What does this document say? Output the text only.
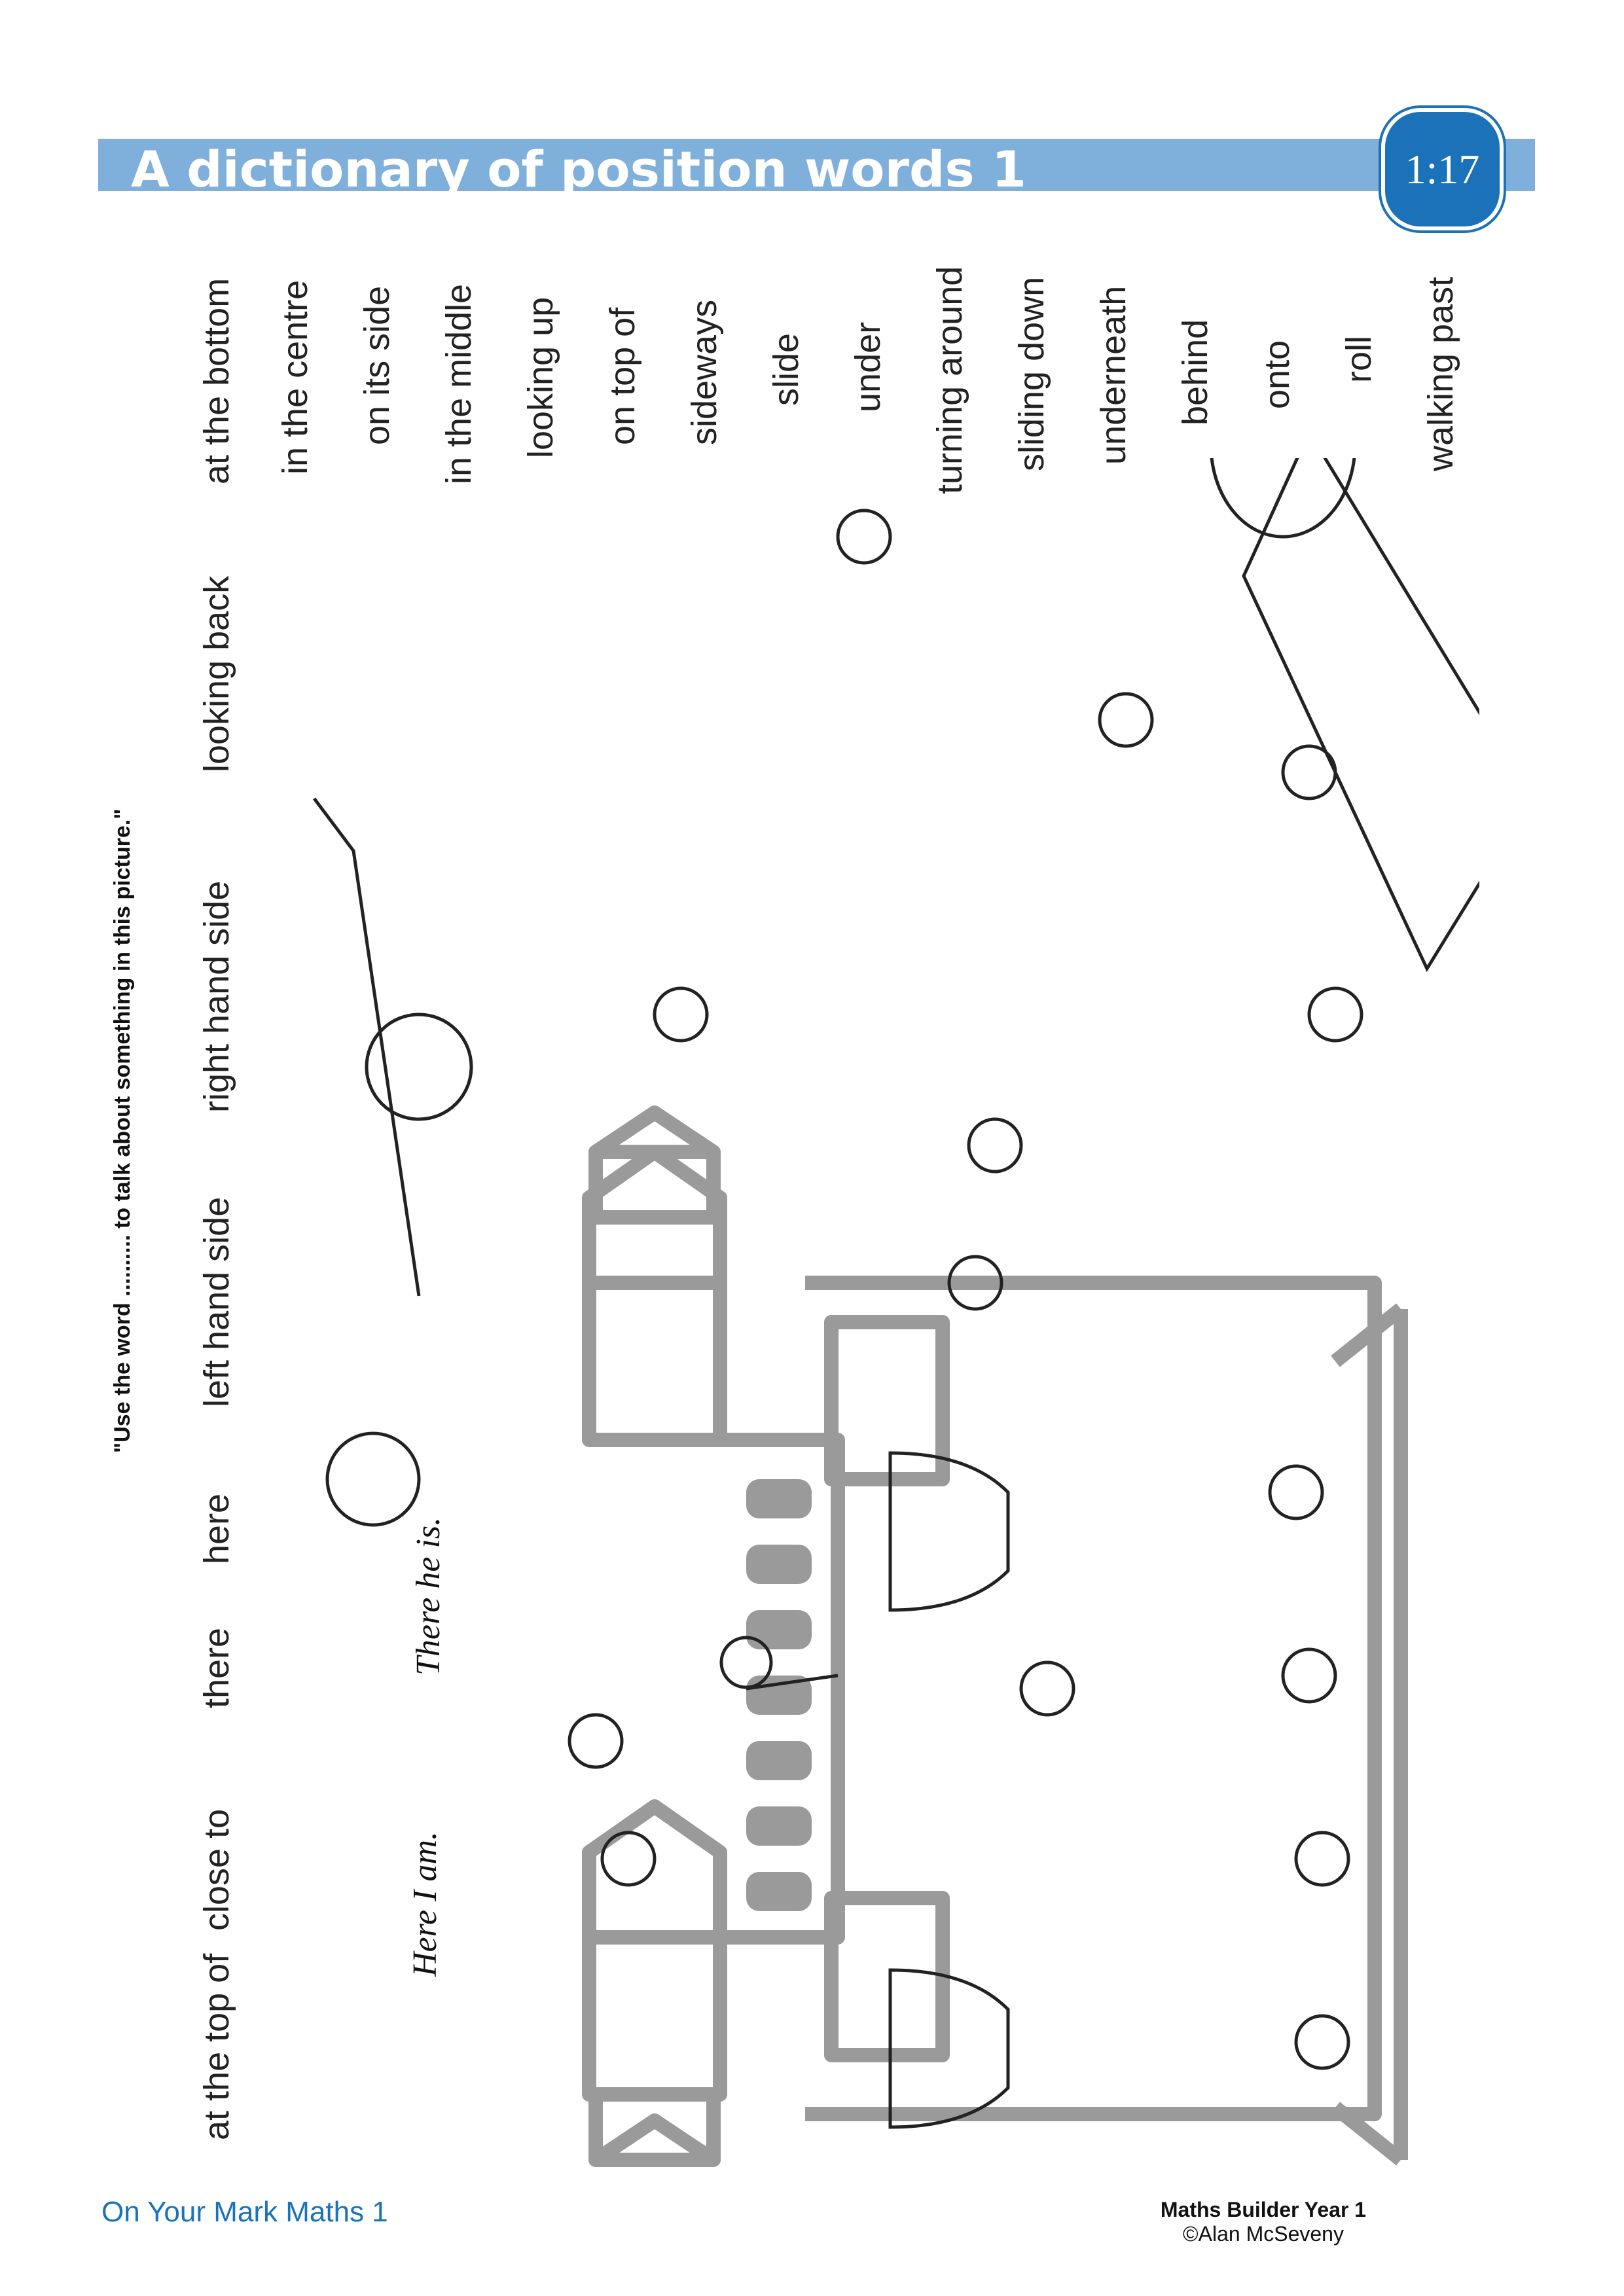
A dictionary of position words 1	1:17
"Use the word .......... to talk about something in this picture."
at the top of
close to
there
here
left hand side
right hand side
looking back
at the bottom in the centre on its side in the middle looking up on top of sideways slide under turning around sliding down underneath behind onto roll walking past
Here I am.
There he is.
On Your Mark Maths 1	Maths Builder Year 1
©Alan McSeveny
